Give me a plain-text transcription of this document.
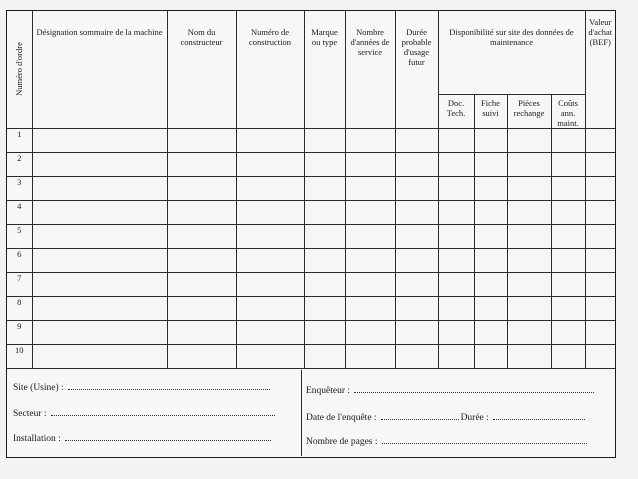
Numéro d'ordre	Désignation sommaire de la machine	Nom du constructeur	Numéro de construction	Marque ou type	Nombre d'années de service	Durée probable d'usage futur	Disponibilité sur site des données de maintenance				Valeur d'achat (BEF)

							Doc. Tech.	Fiche suivi	Pièces rechange	Coûts ann. maint.	

1											
2											
3											
4											
5											
6											
7											
8											
9											
10											
Site (Usine) :
Secteur :
Installation :
Enquêteur :
Date de l'enquête :	Durée :
Nombre de pages :
